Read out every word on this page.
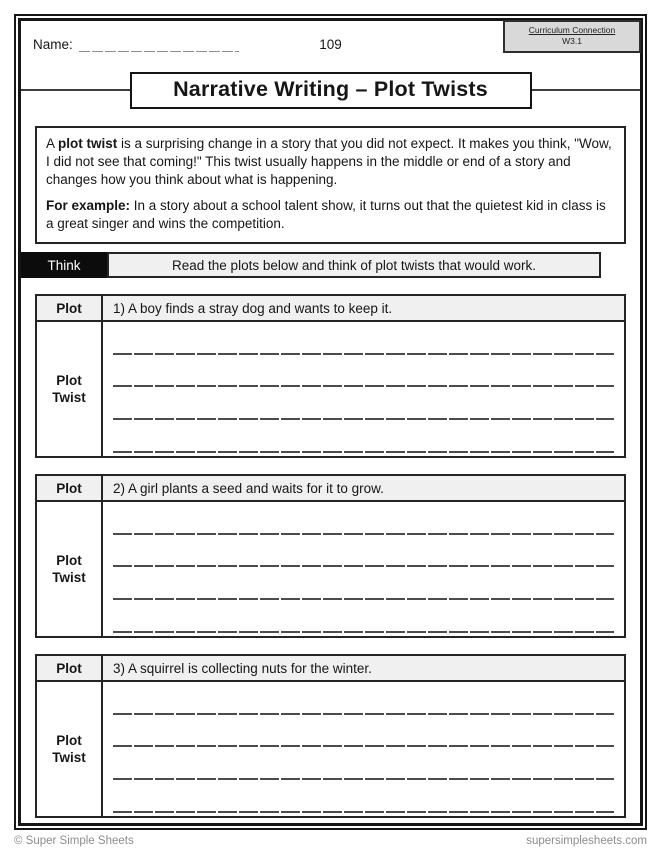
Curriculum Connection
W3.1
Name:	109
Narrative Writing – Plot Twists

A plot twist is a surprising change in a story that you did not expect. It makes you think, "Wow, I did not see that coming!" This twist usually happens in the middle or end of a story and changes how you think about what is happening.

For example: In a story about a school talent show, it turns out that the quietest kid in class is a great singer and wins the competition.

Think	Read the plots below and think of plot twists that would work.
Plot	1) A boy finds a stray dog and wants to keep it.
Plot Twist
Plot	2) A girl plants a seed and waits for it to grow.
Plot Twist
Plot	3) A squirrel is collecting nuts for the winter.
Plot Twist
© Super Simple Sheets	supersimplesheets.com
